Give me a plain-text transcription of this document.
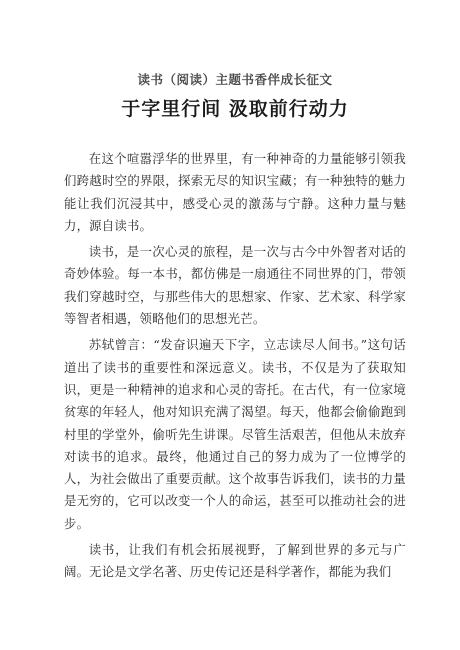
读书（阅读）主题书香伴成长征文

于字里行间 汲取前行动力

在这个喧嚣浮华的世界里，有一种神奇的力量能够引领我们跨越时空的界限，探索无尽的知识宝藏；有一种独特的魅力能让我们沉浸其中，感受心灵的激荡与宁静。这种力量与魅力，源自读书。

读书，是一次心灵的旅程，是一次与古今中外智者对话的奇妙体验。每一本书，都仿佛是一扇通往不同世界的门，带领我们穿越时空，与那些伟大的思想家、作家、艺术家、科学家等智者相遇，领略他们的思想光芒。

苏轼曾言：“发奋识遍天下字，立志读尽人间书。”这句话道出了读书的重要性和深远意义。读书，不仅是为了获取知识，更是一种精神的追求和心灵的寄托。在古代，有一位家境贫寒的年轻人，他对知识充满了渴望。每天，他都会偷偷跑到村里的学堂外，偷听先生讲课。尽管生活艰苦，但他从未放弃对读书的追求。最终，他通过自己的努力成为了一位博学的人，为社会做出了重要贡献。这个故事告诉我们，读书的力量是无穷的，它可以改变一个人的命运，甚至可以推动社会的进步。

读书，让我们有机会拓展视野，了解到世界的多元与广阔。无论是文学名著、历史传记还是科学著作，都能为我们
